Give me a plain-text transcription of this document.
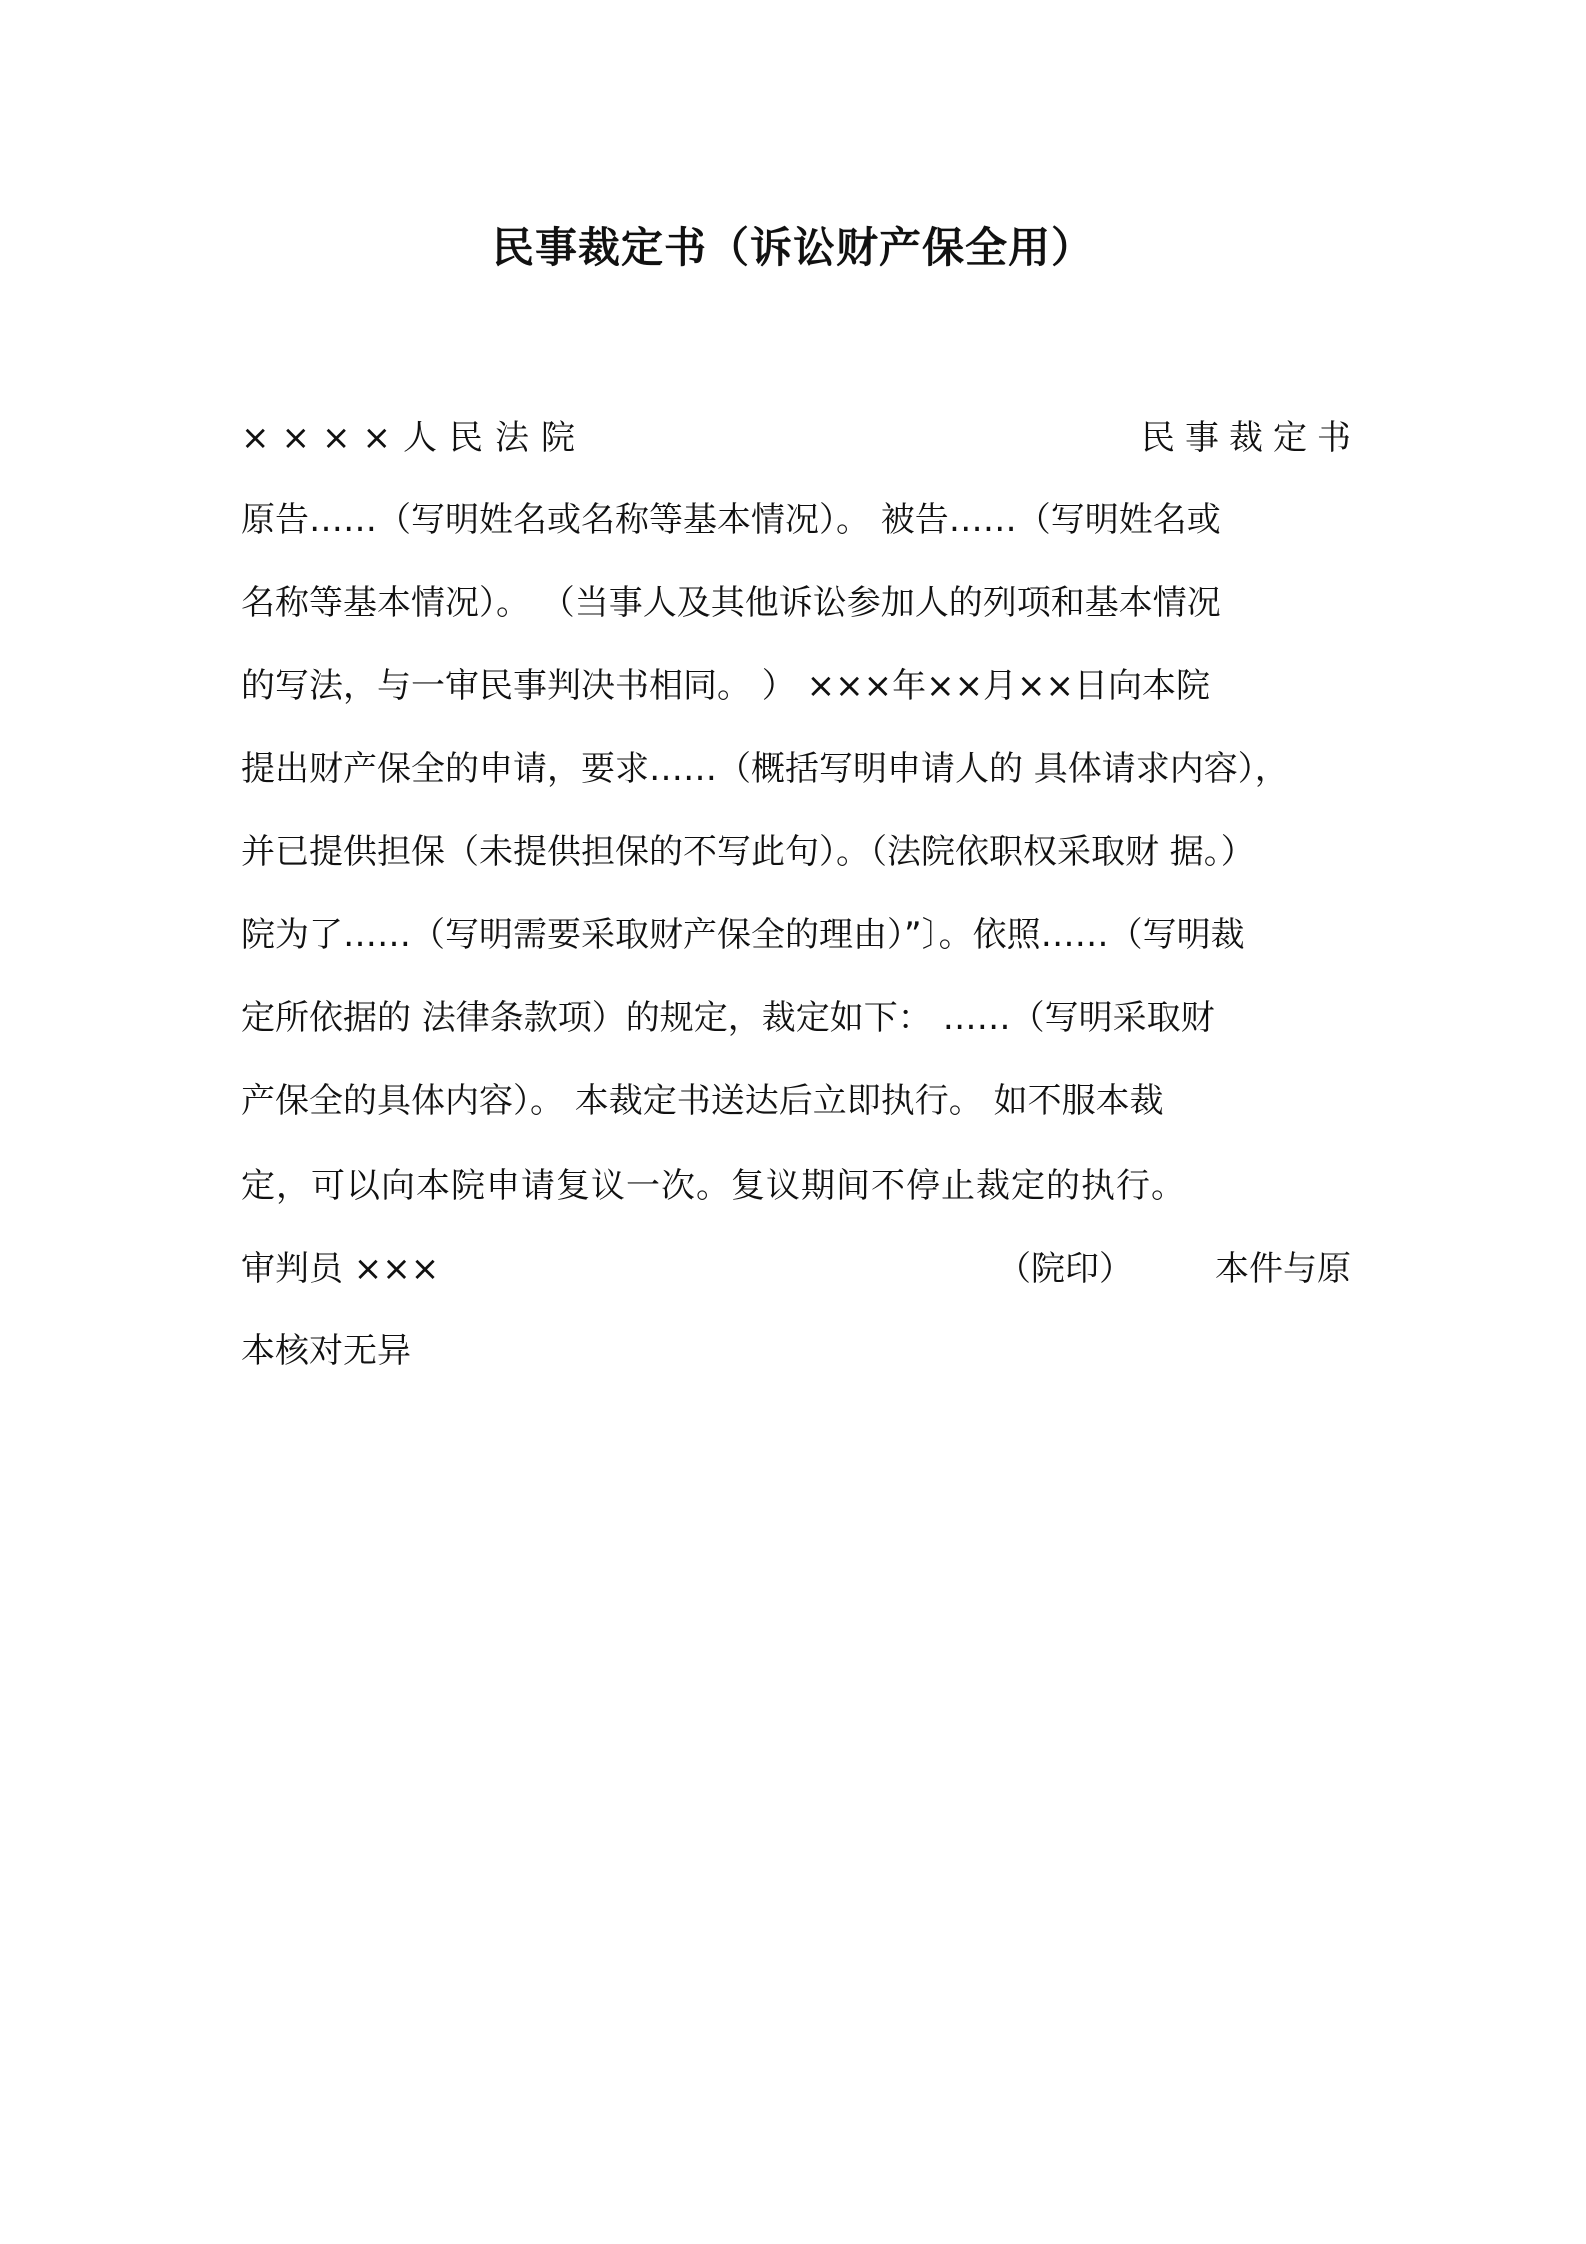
民事裁定书（诉讼财产保全用）
××××人民法院	民事裁定书
原告……（写明姓名或名称等基本情况）。 被告……（写明姓名或
名称等基本情况）。 （当事人及其他诉讼参加人的列项和基本情况
的写法，与一审民事判决书相同。 ） ×××年××月××日向本院
提出财产保全的申请，要求……（概括写明申请人的 具体请求内容），
并已提供担保（未提供担保的不写此句）。（法院依职权采取财 据。）
院为了……（写明需要采取财产保全的理由）”〕。依照……（写明裁
定所依据的 法律条款项）的规定，裁定如下： ……（写明采取财
产保全的具体内容）。 本裁定书送达后立即执行。 如不服本裁
定，可以向本院申请复议一次。复议期间不停止裁定的执行。
审判员 ×××	（院印） 本件与原
本核对无异
